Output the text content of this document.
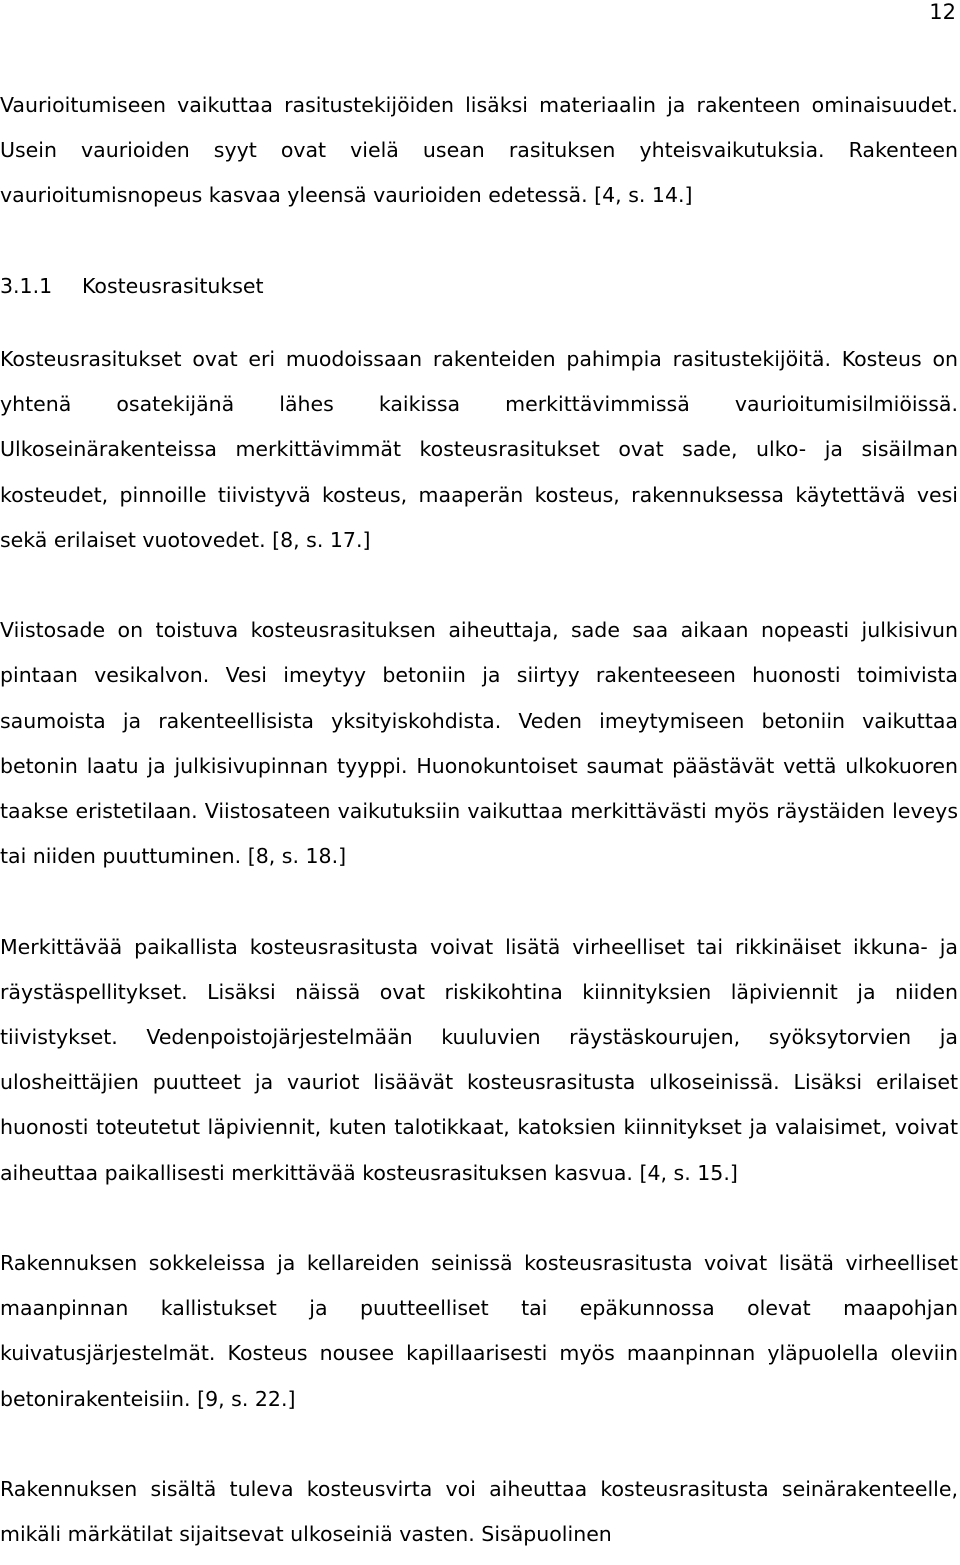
12

Vaurioitumiseen vaikuttaa rasitustekijöiden lisäksi materiaalin ja rakenteen ominaisuudet. Usein vaurioiden syyt ovat vielä usean rasituksen yhteisvaikutuksia. Rakenteen vaurioitumisnopeus kasvaa yleensä vaurioiden edetessä. [4, s. 14.]

3.1.1 Kosteusrasitukset

Kosteusrasitukset ovat eri muodoissaan rakenteiden pahimpia rasitustekijöitä. Kosteus on yhtenä osatekijänä lähes kaikissa merkittävimmissä vaurioitumisilmiöissä. Ulkoseinärakenteissa merkittävimmät kosteusrasitukset ovat sade, ulko- ja sisäilman kosteudet, pinnoille tiivistyvä kosteus, maaperän kosteus, rakennuksessa käytettävä vesi sekä erilaiset vuotovedet. [8, s. 17.]

Viistosade on toistuva kosteusrasituksen aiheuttaja, sade saa aikaan nopeasti julkisivun pintaan vesikalvon. Vesi imeytyy betoniin ja siirtyy rakenteeseen huonosti toimivista saumoista ja rakenteellisista yksityiskohdista. Veden imeytymiseen betoniin vaikuttaa betonin laatu ja julkisivupinnan tyyppi. Huonokuntoiset saumat päästävät vettä ulkokuoren taakse eristetilaan. Viistosateen vaikutuksiin vaikuttaa merkittävästi myös räystäiden leveys tai niiden puuttuminen. [8, s. 18.]

Merkittävää paikallista kosteusrasitusta voivat lisätä virheelliset tai rikkinäiset ikkuna- ja räystäspellitykset. Lisäksi näissä ovat riskikohtina kiinnityksien läpiviennit ja niiden tiivistykset. Vedenpoistojärjestelmään kuuluvien räystäskourujen, syöksytorvien ja ulosheittäjien puutteet ja vauriot lisäävät kosteusrasitusta ulkoseinissä. Lisäksi erilaiset huonosti toteutetut läpiviennit, kuten talotikkaat, katoksien kiinnitykset ja valaisimet, voivat aiheuttaa paikallisesti merkittävää kosteusrasituksen kasvua. [4, s. 15.]

Rakennuksen sokkeleissa ja kellareiden seinissä kosteusrasitusta voivat lisätä virheelliset maanpinnan kallistukset ja puutteelliset tai epäkunnossa olevat maapohjan kuivatusjärjestelmät. Kosteus nousee kapillaarisesti myös maanpinnan yläpuolella oleviin betonirakenteisiin. [9, s. 22.]

Rakennuksen sisältä tuleva kosteusvirta voi aiheuttaa kosteusrasitusta seinärakenteelle, mikäli märkätilat sijaitsevat ulkoseiniä vasten. Sisäpuolinen
